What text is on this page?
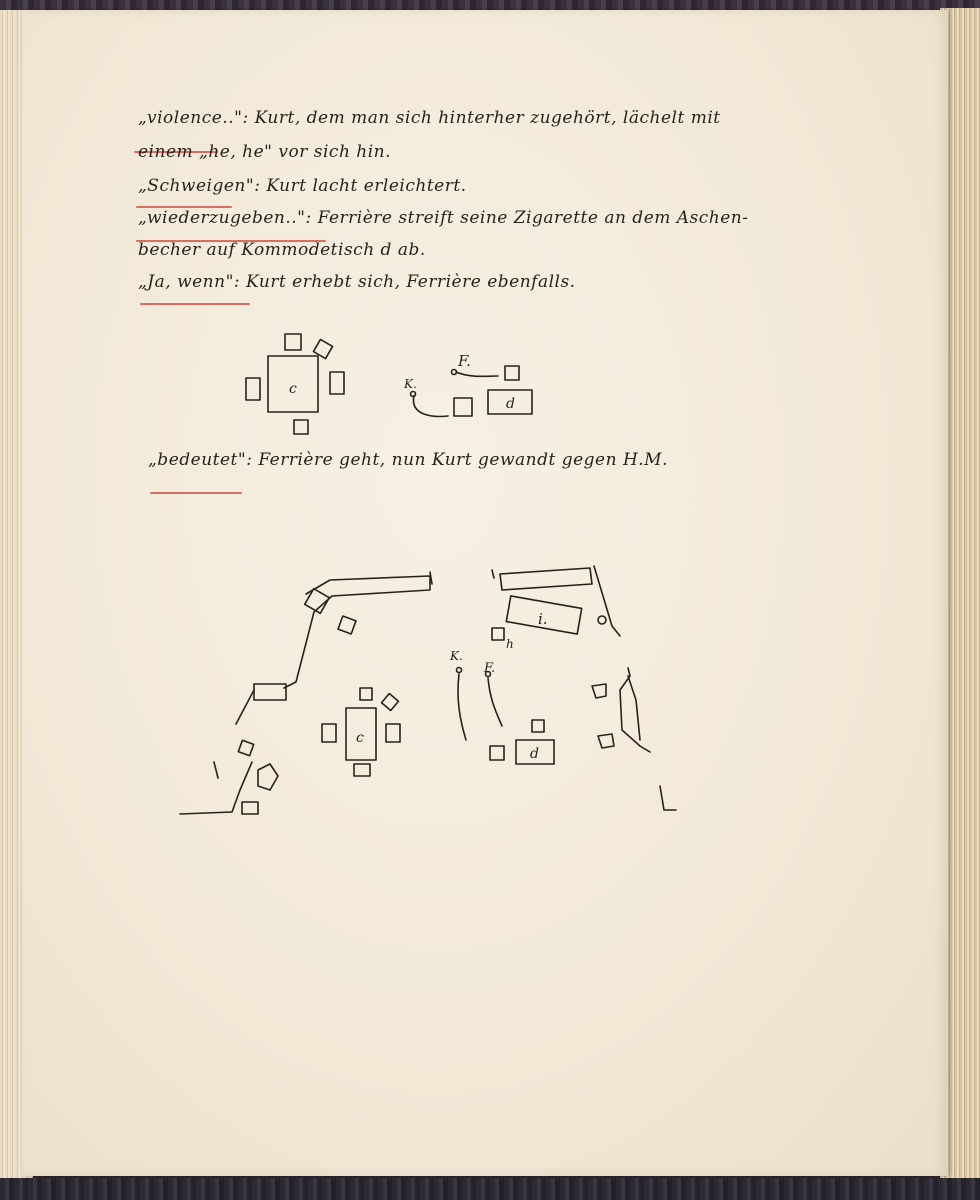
„violence..": Kurt, dem man sich hinterher zugehört, lächelt mit
einem „he, he" vor sich hin.
„Schweigen": Kurt lacht erleichtert.
„wiederzugeben..": Ferrière streift seine Zigarette an dem Aschen-
becher auf Kommodetisch d ab.
„Ja, wenn": Kurt erhebt sich, Ferrière ebenfalls.
„bedeutet": Ferrière geht, nun Kurt gewandt gegen H.M.
c
d
F.
K.
c
d
i.
h
K.
F.
